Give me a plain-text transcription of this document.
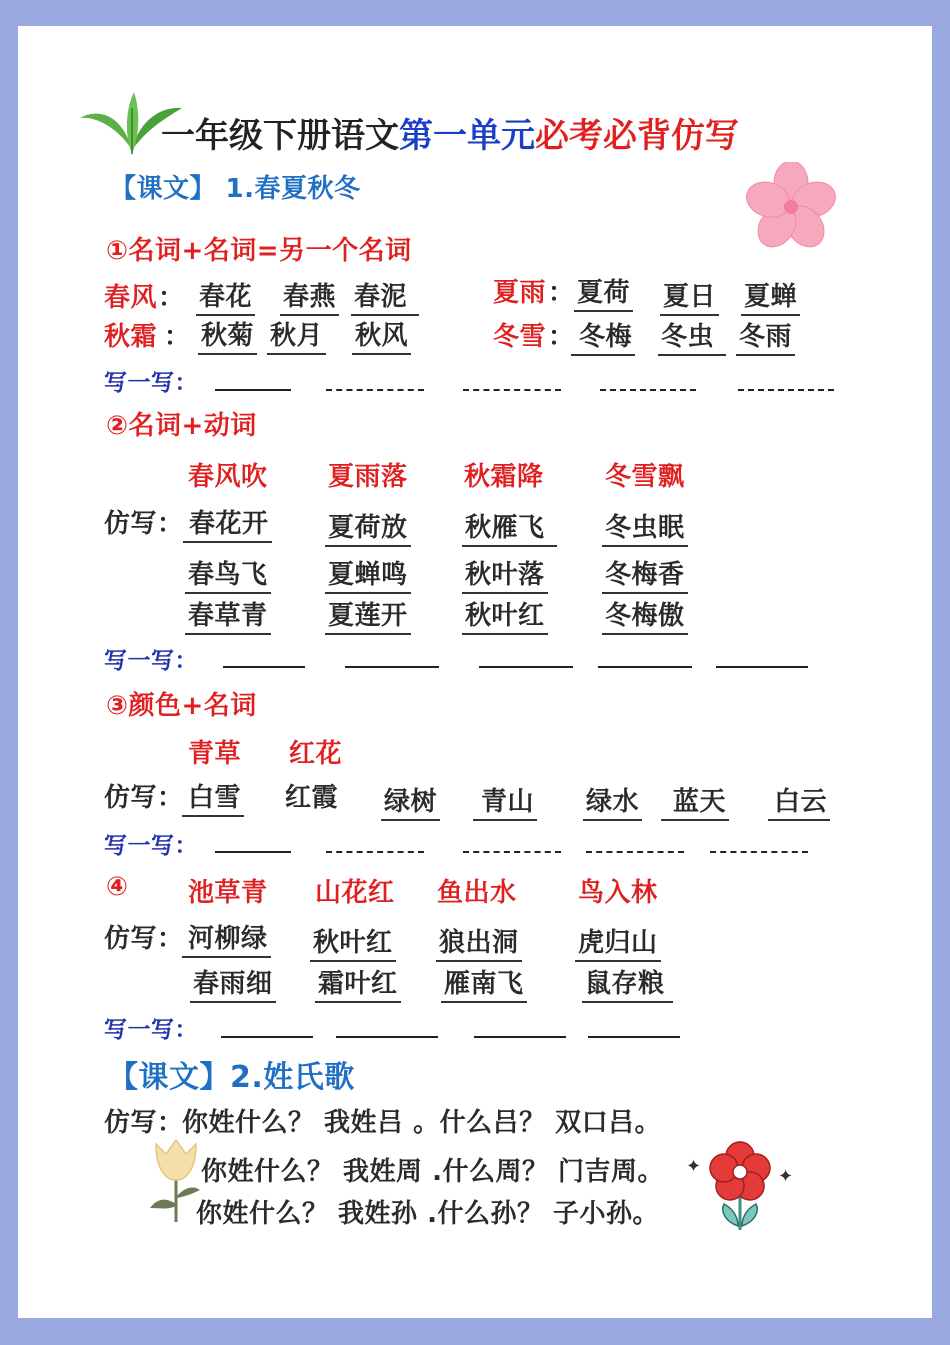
一年级下册语文第一单元必考必背仿写
【课文】 1.春夏秋冬
①名词+名词=另一个名词
春风 ： 春花 春燕 春泥
秋霜 ： 秋菊 秋月 秋风
夏雨 ： 夏荷 夏日 夏蝉
冬雪 ： 冬梅 冬虫 冬雨
写一写：
②名词+动词
春风吹 夏雨落 秋霜降 冬雪飘
仿写： 春花开 夏荷放 秋雁飞	冬虫眠
春鸟飞 夏蝉鸣 秋叶落 冬梅香
春草青 夏莲开 秋叶红 冬梅傲
写一写：
③颜色+名词
青草 红花
仿写： 白雪 红霞 绿树	青山 绿水	蓝天 白云
写一写：
④ 池草青 山花红 鱼出水 鸟入林
仿写： 河柳绿 秋叶红 狼出洞 虎归山
春雨细 霜叶红 雁南飞 鼠存粮
写一写：
【课文】2.姓氏歌
仿写：
你姓什么？ 我姓吕 。什么吕？ 双口吕。
你姓什么？ 我姓周 .什么周？ 门吉周。
你姓什么？ 我姓孙 .什么孙？ 子小孙。
✦	✦
